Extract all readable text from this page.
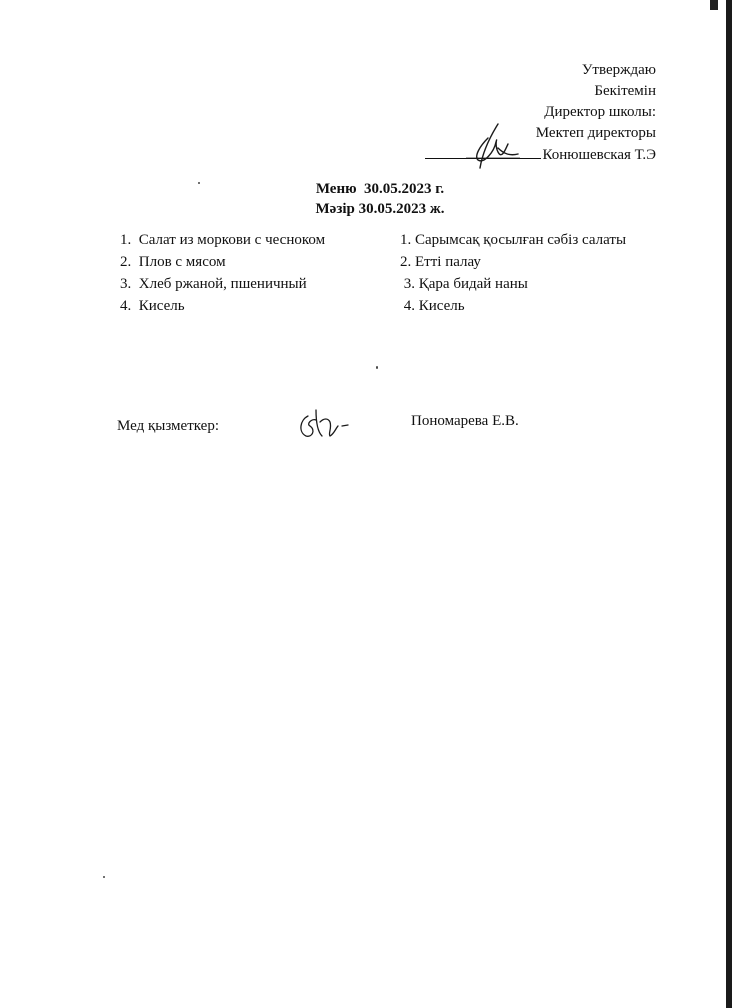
Утверждаю
Бекітемін
Директор школы:
Мектеп директоры
Конюшевская Т.Э
Меню  30.05.2023 г.
Мәзір 30.05.2023 ж.
1.  Салат из моркови с чесноком
2.  Плов с мясом
3.  Хлеб ржаной, пшеничный
4.  Кисель
1. Сарымсақ қосылған сәбіз салаты
2. Етті палау
3. Қара бидай наны
4. Кисель
Мед қызметкер:	Пономарева Е.В.
